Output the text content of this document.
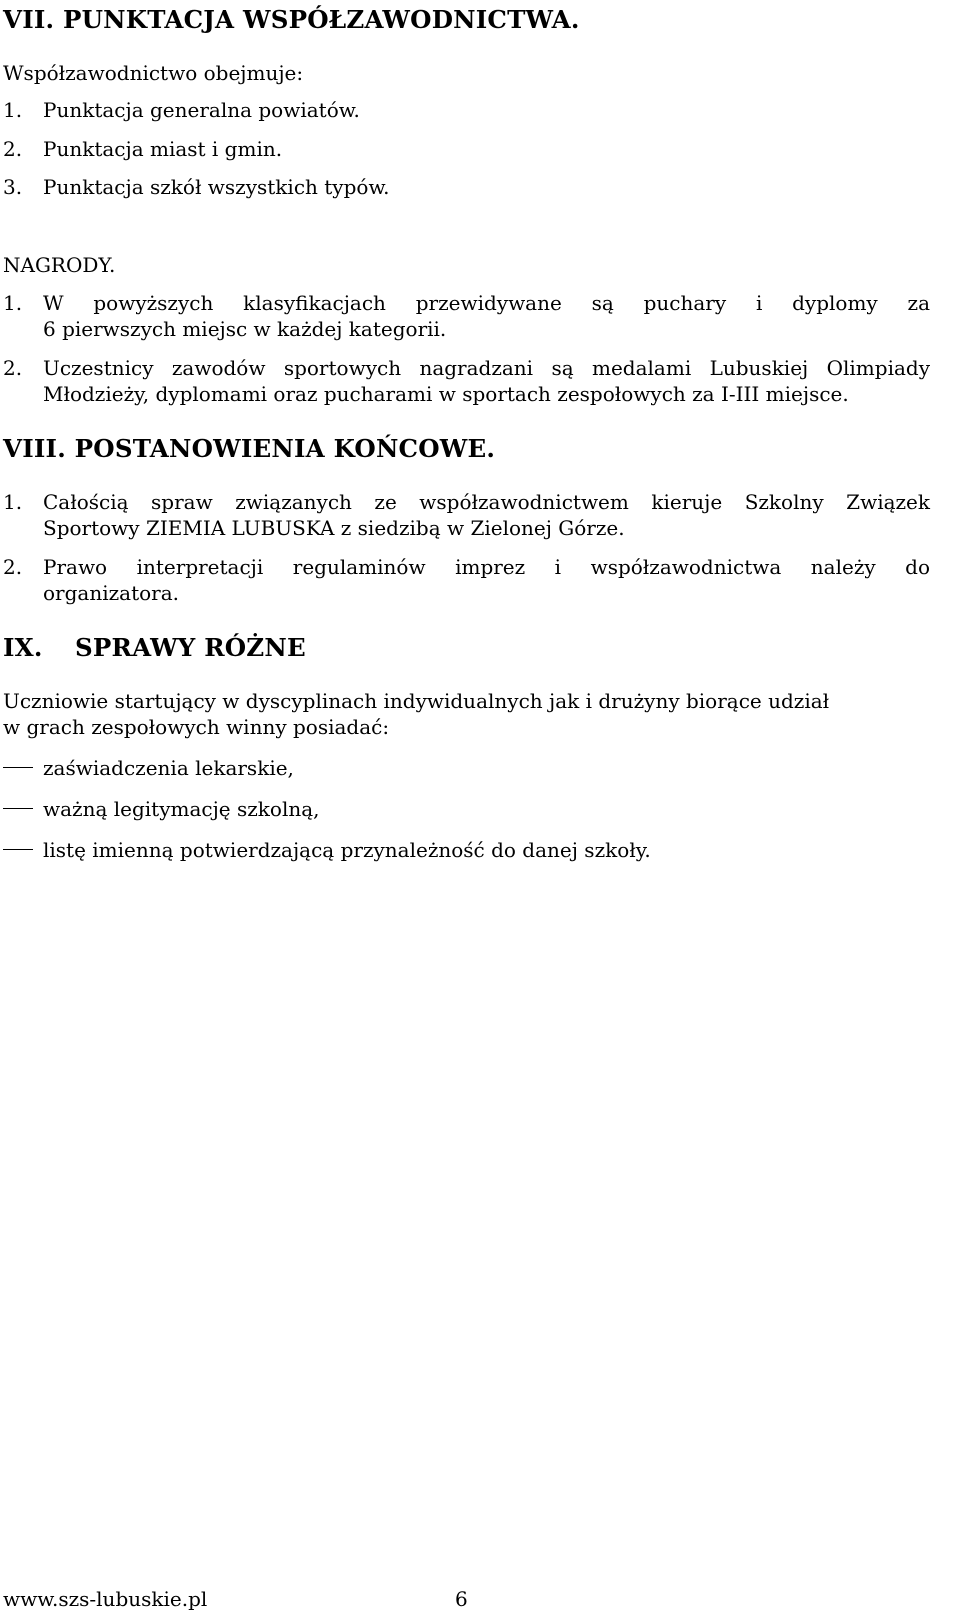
VII. PUNKTACJA WSPÓŁZAWODNICTWA.
Współzawodnictwo obejmuje:
1. Punktacja generalna powiatów.
2. Punktacja miast i gmin.
3. Punktacja szkół wszystkich typów.
NAGRODY.
1. W powyższych klasyfikacjach przewidywane są puchary i dyplomy za
6 pierwszych miejsc w każdej kategorii.
2. Uczestnicy zawodów sportowych nagradzani są medalami Lubuskiej Olimpiady
Młodzieży, dyplomami oraz pucharami w sportach zespołowych za I-III miejsce.
VIII. POSTANOWIENIA KOŃCOWE.
1. Całością spraw związanych ze współzawodnictwem kieruje Szkolny Związek
Sportowy ZIEMIA LUBUSKA z siedzibą w Zielonej Górze.
2. Prawo interpretacji regulaminów imprez i współzawodnictwa należy do
organizatora.
IX. SPRAWY RÓŻNE
Uczniowie startujący w dyscyplinach indywidualnych jak i drużyny biorące udział
w grach zespołowych winny posiadać:
zaświadczenia lekarskie,
ważną legitymację szkolną,
listę imienną potwierdzającą przynależność do danej szkoły.
www.szs-lubuskie.pl	6
